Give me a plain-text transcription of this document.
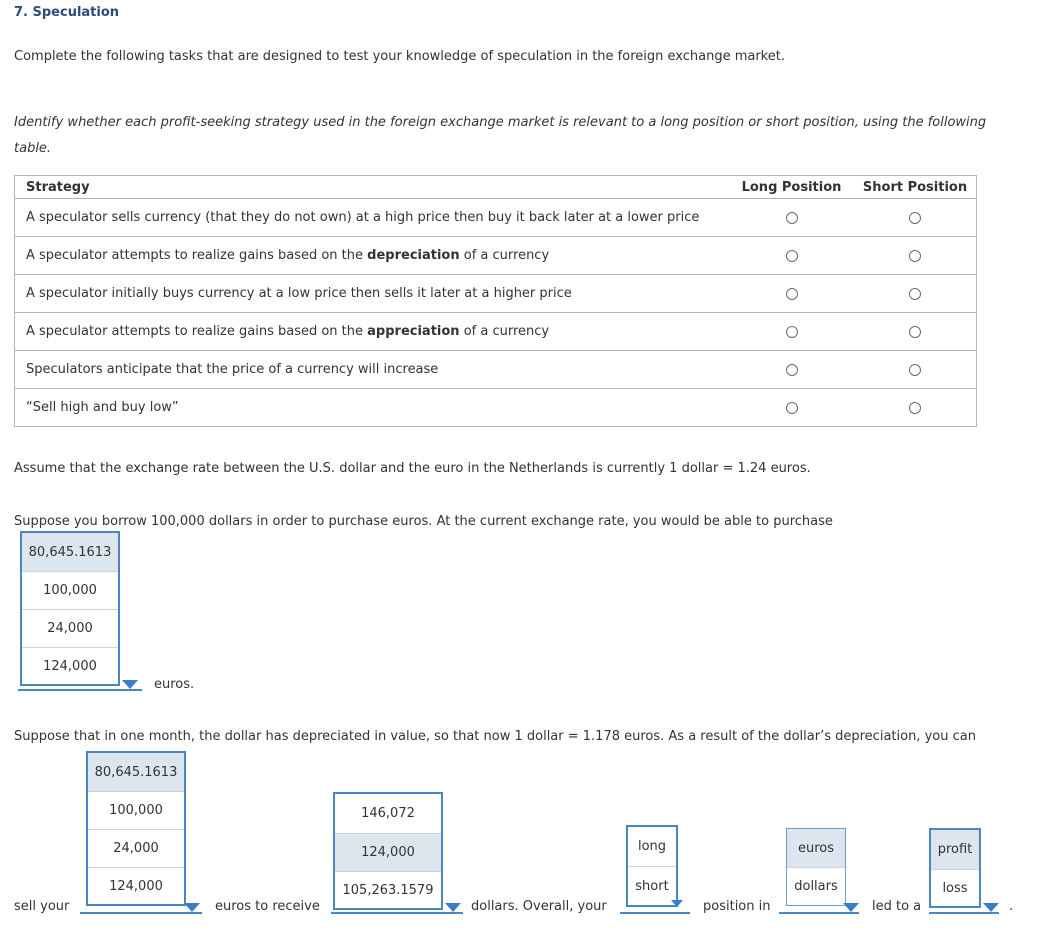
7. Speculation
Complete the following tasks that are designed to test your knowledge of speculation in the foreign exchange market.
Identify whether each profit-seeking strategy used in the foreign exchange market is relevant to a long position or short position, using the following
table.
Strategy	Long Position	Short Position
A speculator sells currency (that they do not own) at a high price then buy it back later at a lower price		
A speculator attempts to realize gains based on the depreciation of a currency		
A speculator initially buys currency at a low price then sells it later at a higher price		
A speculator attempts to realize gains based on the appreciation of a currency		
Speculators anticipate that the price of a currency will increase		
“Sell high and buy low”		
Assume that the exchange rate between the U.S. dollar and the euro in the Netherlands is currently 1 dollar = 1.24 euros.
Suppose you borrow 100,000 dollars in order to purchase euros. At the current exchange rate, you would be able to purchase
80,645.1613
100,000
24,000
124,000
euros.
Suppose that in one month, the dollar has depreciated in value, so that now 1 dollar = 1.178 euros. As a result of the dollar’s depreciation, you can
sell your	euros to receive	dollars. Overall, your	position in	led to a	.
80,645.1613
100,000
24,000
124,000
146,072
124,000
105,263.1579
long
short
euros
dollars
profit
loss
